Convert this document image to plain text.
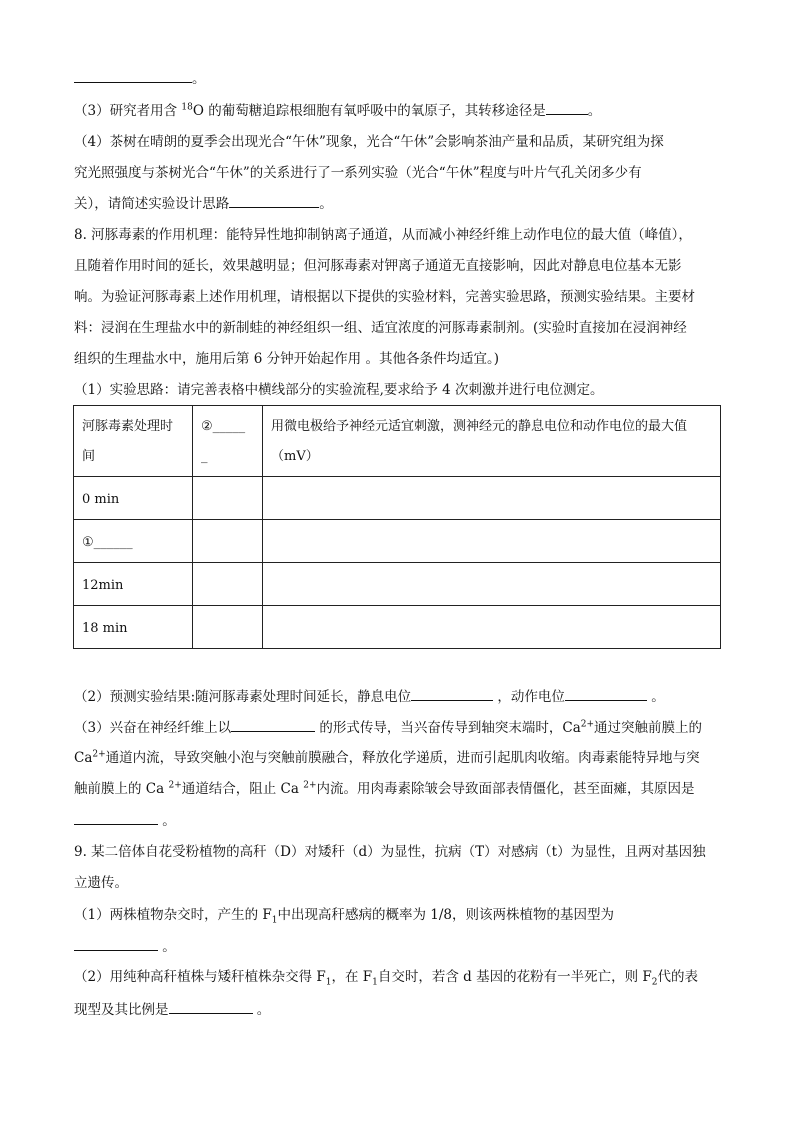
。
（3）研究者用含 $^{18}$O 的葡萄糖追踪根细胞有氧呼吸中的氧原子，其转移途径是	。
（4）茶树在晴朗的夏季会出现光合“午休”现象，光合“午休”会影响茶油产量和品质，某研究组为探
究光照强度与茶树光合“午休”的关系进行了一系列实验（光合“午休”程度与叶片气孔关闭多少有
关），请简述实验设计思路	。
8. 河豚毒素的作用机理：能特异性地抑制钠离子通道，从而减小神经纤维上动作电位的最大值（峰值），
且随着作用时间的延长，效果越明显；但河豚毒素对钾离子通道无直接影响，因此对静息电位基本无影
响。为验证河豚毒素上述作用机理，请根据以下提供的实验材料，完善实验思路，预测实验结果。主要材
料：浸润在生理盐水中的新制蛙的神经组织一组、适宜浓度的河豚毒素制剂。(实验时直接加在浸润神经
组织的生理盐水中，施用后第 6 分钟开始起作用 。其他各条件均适宜。)
（1）实验思路：请完善表格中横线部分的实验流程,要求给予 4 次刺激并进行电位测定。
河豚毒素处理时间	②_____
_	用微电极给予神经元适宜刺激，测神经元的静息电位和动作电位的最大值（mV）
0 min		
①______		
12min		
18 min		
（2）预测实验结果:随河豚毒素处理时间延长，静息电位	，动作电位	。
（3）兴奋在神经纤维上以	的形式传导，当兴奋传导到轴突末端时，$Ca^{2+}$通过突触前膜上的
$Ca^{2+}$通道内流，导致突触小泡与突触前膜融合，释放化学递质，进而引起肌肉收缩。肉毒素能特异地与突
触前膜上的 Ca $^{2+}$通道结合，阻止 Ca $^{2+}$内流。用肉毒素除皱会导致面部表情僵化，甚至面瘫，其原因是
。
9. 某二倍体自花受粉植物的高秆（D）对矮秆（d）为显性，抗病（T）对感病（t）为显性，且两对基因独
立遗传。
（1）两株植物杂交时，产生的 $F_1$中出现高秆感病的概率为 1/8，则该两株植物的基因型为
。
（2）用纯种高秆植株与矮秆植株杂交得 $F_1$，在 $F_1$自交时，若含 d 基因的花粉有一半死亡，则 $F_2$代的表
现型及其比例是	。
